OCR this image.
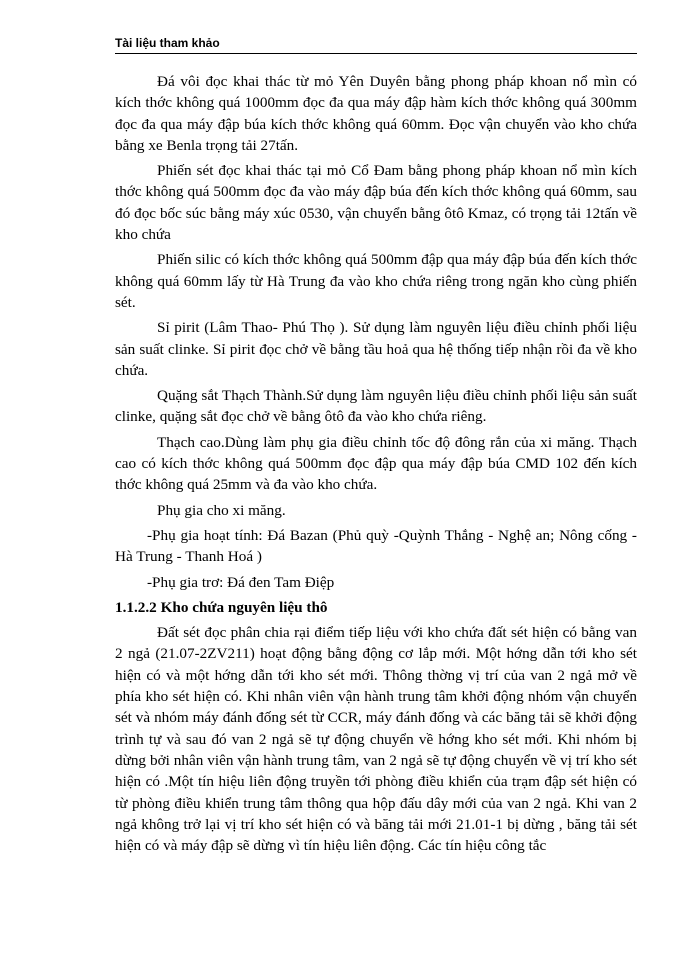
Tài liệu tham khảo

Đá vôi đọc khai thác từ mỏ Yên Duyên bằng phong pháp khoan nổ mìn có kích thớc không quá 1000mm đọc đa qua máy đập hàm kích thớc không quá 300mm đọc đa qua máy đập búa kích thớc không quá 60mm. Đọc vận chuyển vào kho chứa bằng xe Benla trọng tải 27tấn.

Phiến sét đọc khai thác tại mỏ Cổ Đam bằng phong pháp khoan nổ mìn kích thớc không quá 500mm đọc đa vào máy đập búa đến kích thớc không quá 60mm, sau đó đọc bốc súc bằng máy xúc 0530, vận chuyển bằng ôtô Kmaz, có trọng tải 12tấn về kho chứa

Phiến silic có kích thớc không quá 500mm đập qua máy đập búa đến kích thớc không quá 60mm lấy từ Hà Trung đa vào kho chứa riêng trong ngăn kho cùng phiến sét.

Sỉ pirit (Lâm Thao- Phú Thọ ). Sử dụng làm nguyên liệu điều chỉnh phối liệu sản suất clinke. Sỉ pirit đọc chở về bằng tầu hoả qua hệ thống tiếp nhận rồi đa về kho chứa.

Quặng sắt Thạch Thành.Sử dụng làm nguyên liệu điều chỉnh phối liệu sản suất clinke, quặng sắt đọc chở về bằng ôtô đa vào kho chứa riêng.

Thạch cao.Dùng làm phụ gia điều chỉnh tốc độ đông rắn của xi măng. Thạch cao có kích thớc không quá 500mm đọc đập qua máy đập búa CMD 102 đến kích thớc không quá 25mm và đa vào kho chứa.

Phụ gia cho xi măng.

-Phụ gia hoạt tính: Đá Bazan (Phủ quỳ -Quỳnh Thắng - Nghệ an; Nông cống - Hà Trung - Thanh Hoá )

-Phụ gia trơ: Đá đen Tam Điệp

1.1.2.2 Kho chứa nguyên liệu thô

Đất sét đọc phân chia rại điểm tiếp liệu với kho chứa đất sét hiện có bằng van 2 ngả (21.07-2ZV211) hoạt động bằng động cơ lắp mới. Một hớng dẫn tới kho sét hiện có và một hớng dẫn tới kho sét mới. Thông thờng vị trí của van 2 ngả mở về phía kho sét hiện có. Khi nhân viên vận hành trung tâm khởi động nhóm vận chuyển sét và nhóm máy đánh đống sét từ CCR, máy đánh đống và các băng tải sẽ khởi động trình tự và sau đó van 2 ngả sẽ tự động chuyển về hớng kho sét mới. Khi nhóm bị dừng bởi nhân viên vận hành trung tâm, van 2 ngả sẽ tự động chuyển về vị trí kho sét hiện có .Một tín hiệu liên động truyền tới phòng điều khiển của trạm đập sét hiện có từ phòng điều khiển trung tâm thông qua hộp đấu dây mới của van 2 ngả. Khi van 2 ngả không trở lại vị trí kho sét hiện có và băng tải mới 21.01-1 bị dừng , băng tải sét hiện có và máy đập sẽ dừng vì tín hiệu liên động. Các tín hiệu công tắc
